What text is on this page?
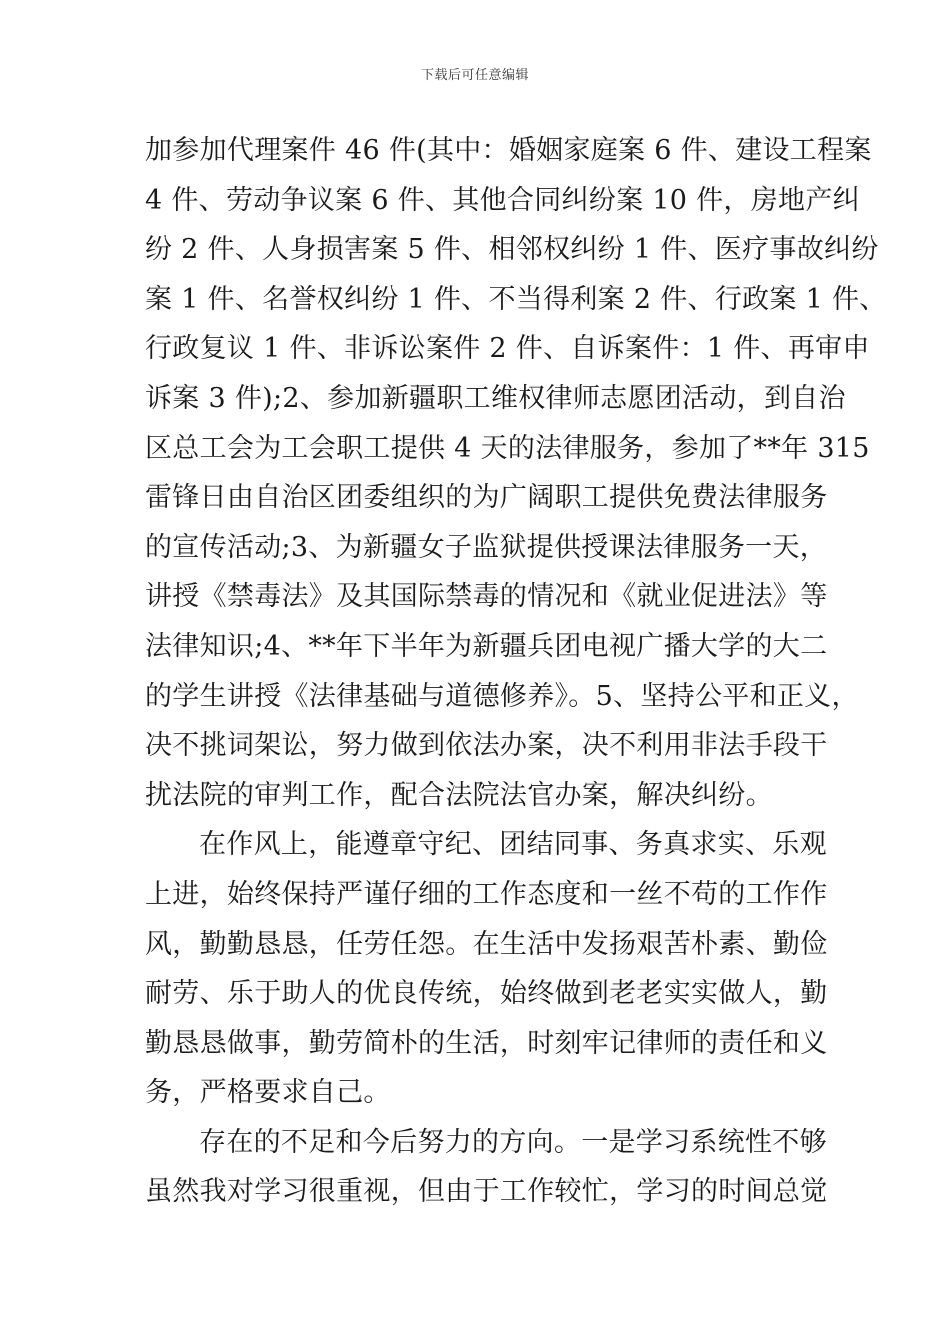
下载后可任意编辑
加参加代理案件 46 件(其中：婚姻家庭案 6 件、建设工程案
4 件、劳动争议案 6 件、其他合同纠纷案 10 件，房地产纠
纷 2 件、人身损害案 5 件、相邻权纠纷 1 件、医疗事故纠纷
案 1 件、名誉权纠纷 1 件、不当得利案 2 件、行政案 1 件、
行政复议 1 件、非诉讼案件 2 件、自诉案件：1 件、再审申
诉案 3 件);2、参加新疆职工维权律师志愿团活动，到自治
区总工会为工会职工提供 4 天的法律服务，参加了**年 315
雷锋日由自治区团委组织的为广阔职工提供免费法律服务
的宣传活动;3、为新疆女子监狱提供授课法律服务一天，
讲授《禁毒法》及其国际禁毒的情况和《就业促进法》等
法律知识;4、**年下半年为新疆兵团电视广播大学的大二
的学生讲授《法律基础与道德修养》。5、坚持公平和正义，
决不挑词架讼，努力做到依法办案，决不利用非法手段干
扰法院的审判工作，配合法院法官办案，解决纠纷。
在作风上，能遵章守纪、团结同事、务真求实、乐观
上进，始终保持严谨仔细的工作态度和一丝不苟的工作作
风，勤勤恳恳，任劳任怨。在生活中发扬艰苦朴素、勤俭
耐劳、乐于助人的优良传统，始终做到老老实实做人，勤
勤恳恳做事，勤劳简朴的生活，时刻牢记律师的责任和义
务，严格要求自己。
存在的不足和今后努力的方向。一是学习系统性不够
虽然我对学习很重视，但由于工作较忙，学习的时间总觉
